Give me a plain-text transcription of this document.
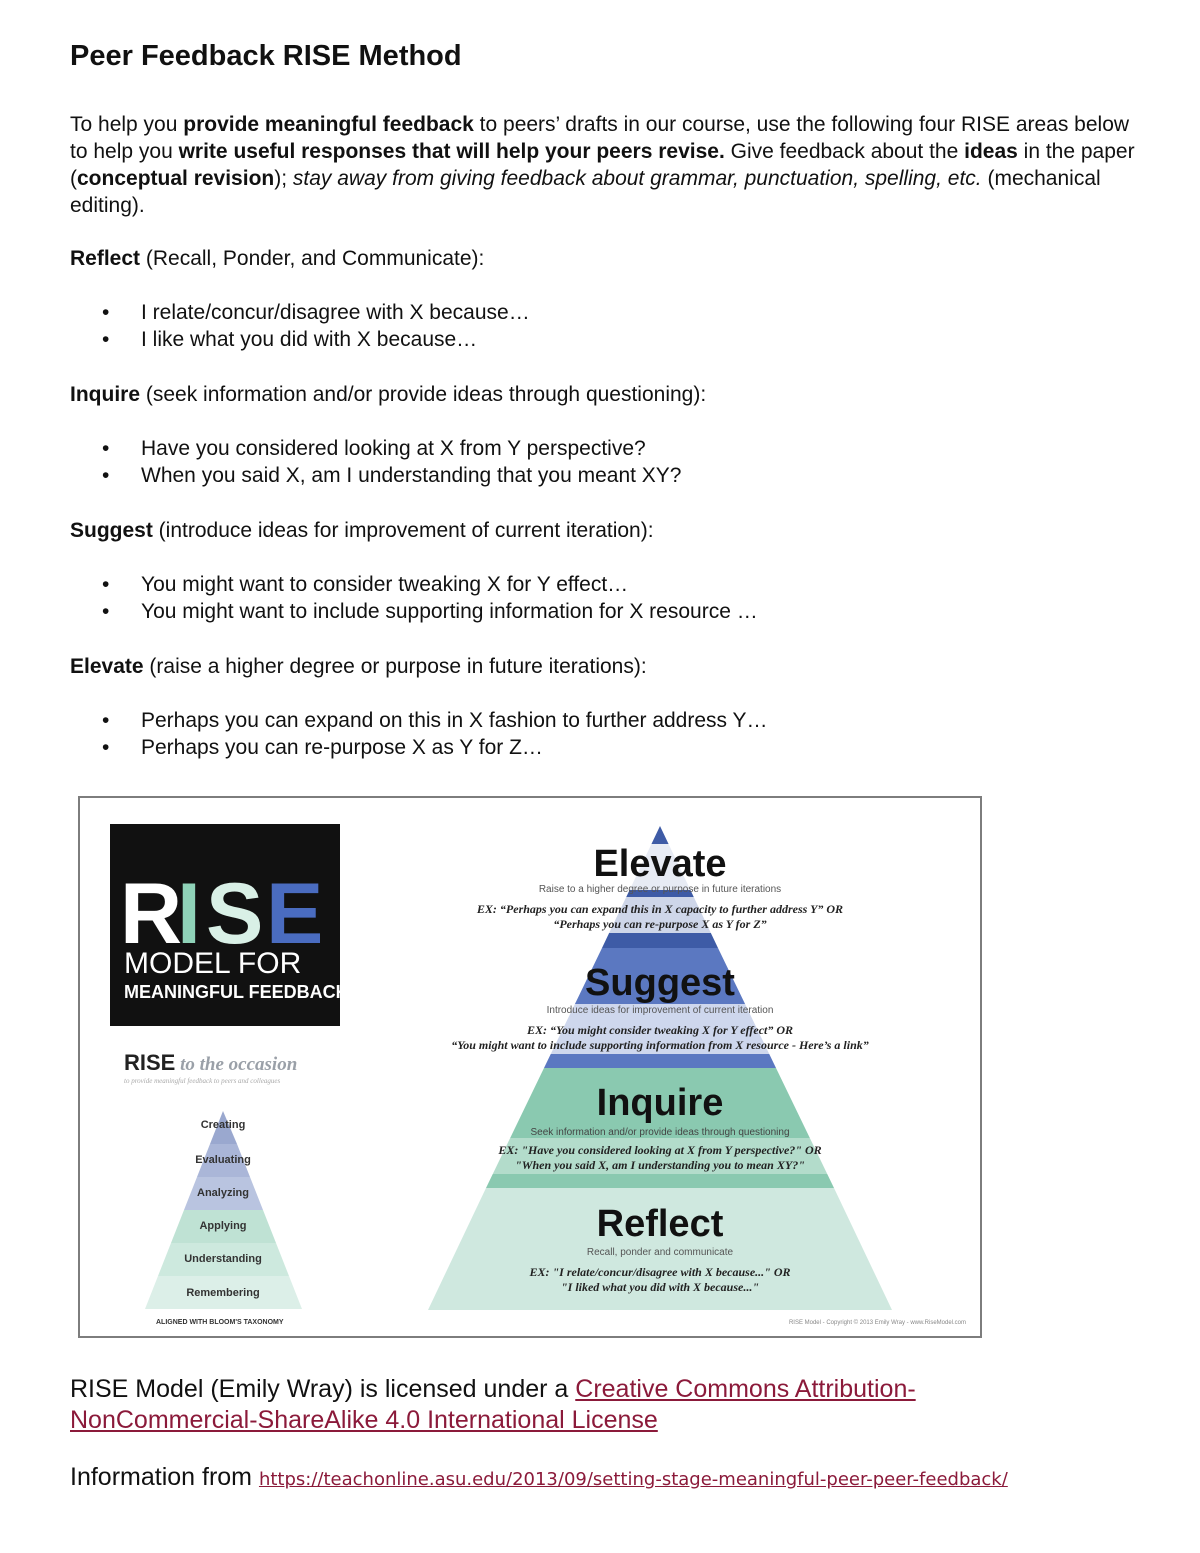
Peer Feedback RISE Method

To help you provide meaningful feedback to peers’ drafts in our course, use the following four RISE areas below to help you write useful responses that will help your peers revise. Give feedback about the ideas in the paper (conceptual revision); stay away from giving feedback about grammar, punctuation, spelling, etc. (mechanical editing).

Reflect (Recall, Ponder, and Communicate):

• I relate/concur/disagree with X because…
• I like what you did with X because…

Inquire (seek information and/or provide ideas through questioning):

• Have you considered looking at X from Y perspective?
• When you said X, am I understanding that you meant XY?

Suggest (introduce ideas for improvement of current iteration):

• You might want to consider tweaking X for Y effect…
• You might want to include supporting information for X resource …

Elevate (raise a higher degree or purpose in future iterations):

• Perhaps you can expand on this in X fashion to further address Y…
• Perhaps you can re-purpose X as Y for Z…
R
I S E
MODEL FOR
MEANINGFUL FEEDBACK
RISE to the occasion
to provide meaningful feedback to peers and colleagues
Creating
Evaluating
Analyzing
Applying
Understanding
Remembering
ALIGNED WITH BLOOM'S TAXONOMY
Elevate
Raise to a higher degree or purpose in future iterations
EX: “Perhaps you can expand this in X capacity to further address Y” OR
“Perhaps you can re-purpose X as Y for Z”
Suggest
Introduce ideas for improvement of current iteration
EX: “You might consider tweaking X for Y effect” OR
“You might want to include supporting information from X resource - Here’s a link”
Inquire
Seek information and/or provide ideas through questioning
EX: "Have you considered looking at X from Y perspective?" OR
"When you said X, am I understanding you to mean XY?"
Reflect
Recall, ponder and communicate
EX: "I relate/concur/disagree with X because..." OR
"I liked what you did with X because..."
RISE Model - Copyright © 2013 Emily Wray - www.RiseModel.com

RISE Model (Emily Wray) is licensed under a Creative Commons Attribution-NonCommercial-ShareAlike 4.0 International License

Information from https://teachonline.asu.edu/2013/09/setting-stage-meaningful-peer-peer-feedback/
